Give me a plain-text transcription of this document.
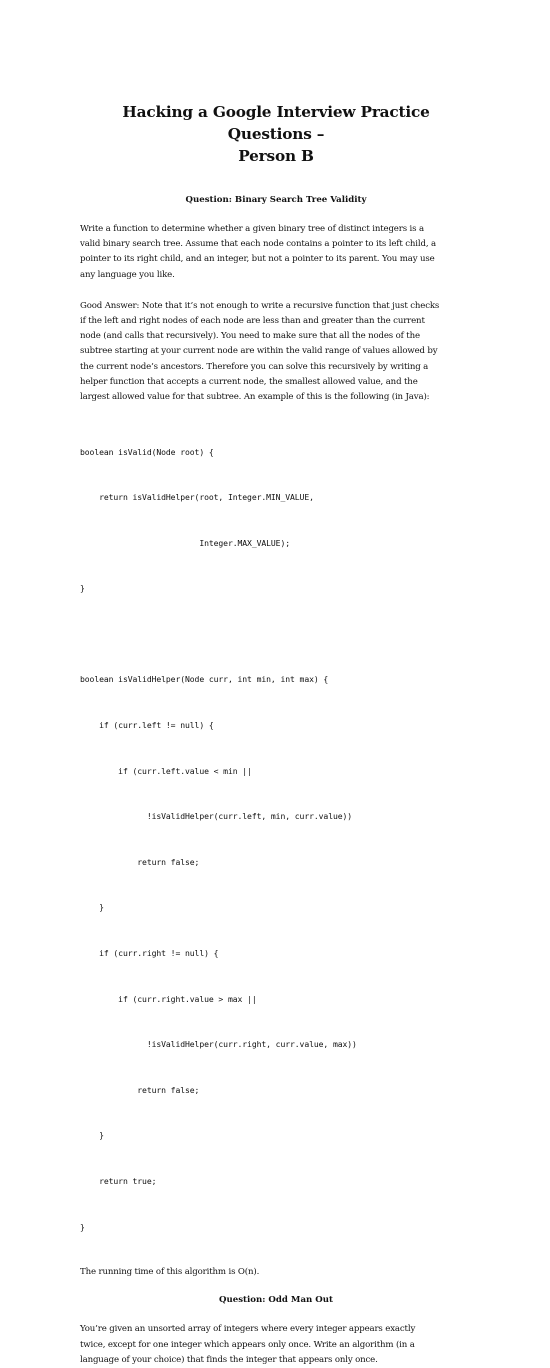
Hacking a Google Interview Practice Questions –
Person B

Question: Binary Search Tree Validity

Write a function to determine whether a given binary tree of distinct integers is a
valid binary search tree. Assume that each node contains a pointer to its left child, a
pointer to its right child, and an integer, but not a pointer to its parent. You may use
any language you like.

Good Answer: Note that it’s not enough to write a recursive function that just checks
if the left and right nodes of each node are less than and greater than the current
node (and calls that recursively). You need to make sure that all the nodes of the
subtree starting at your current node are within the valid range of values allowed by
the current node’s ancestors. Therefore you can solve this recursively by writing a
helper function that accepts a current node, the smallest allowed value, and the
largest allowed value for that subtree. An example of this is the following (in Java):

boolean isValid(Node root) {

return isValidHelper(root, Integer.MIN_VALUE,

Integer.MAX_VALUE);

}

boolean isValidHelper(Node curr, int min, int max) {

if (curr.left != null) {

if (curr.left.value < min ||

!isValidHelper(curr.left, min, curr.value))

return false;

}

if (curr.right != null) {

if (curr.right.value > max ||

!isValidHelper(curr.right, curr.value, max))

return false;

}

return true;

}

The running time of this algorithm is O(n).

Question: Odd Man Out

You’re given an unsorted array of integers where every integer appears exactly
twice, except for one integer which appears only once. Write an algorithm (in a
language of your choice) that finds the integer that appears only once.
